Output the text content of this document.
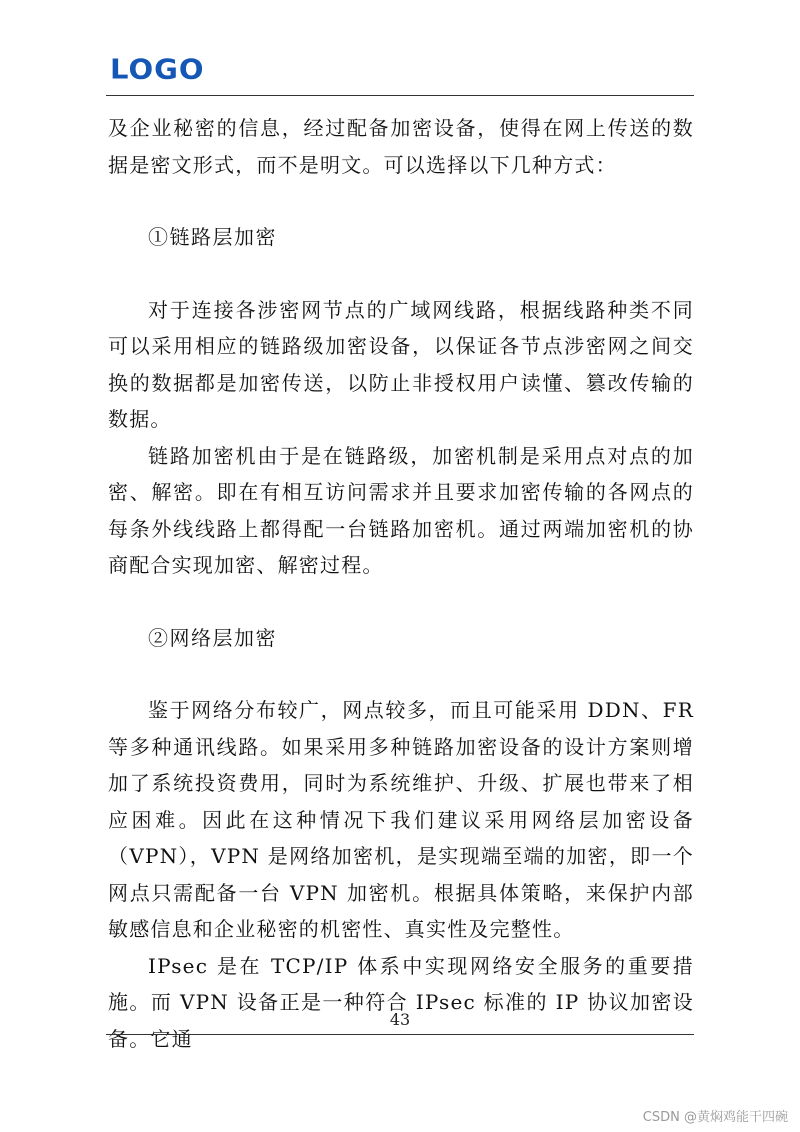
LOGO

及企业秘密的信息，经过配备加密设备，使得在网上传送的数据是密文形式，而不是明文。可以选择以下几种方式：

①链路层加密

对于连接各涉密网节点的广域网线路，根据线路种类不同可以采用相应的链路级加密设备，以保证各节点涉密网之间交换的数据都是加密传送，以防止非授权用户读懂、篡改传输的数据。

链路加密机由于是在链路级，加密机制是采用点对点的加密、解密。即在有相互访问需求并且要求加密传输的各网点的每条外线线路上都得配一台链路加密机。通过两端加密机的协商配合实现加密、解密过程。

②网络层加密

鉴于网络分布较广，网点较多，而且可能采用 DDN、FR 等多种通讯线路。如果采用多种链路加密设备的设计方案则增加了系统投资费用，同时为系统维护、升级、扩展也带来了相应困难。因此在这种情况下我们建议采用网络层加密设备（VPN），VPN 是网络加密机，是实现端至端的加密，即一个网点只需配备一台 VPN 加密机。根据具体策略，来保护内部敏感信息和企业秘密的机密性、真实性及完整性。

IPsec 是在 TCP/IP 体系中实现网络安全服务的重要措施。而 VPN 设备正是一种符合 IPsec 标准的 IP 协议加密设备。它通

43
CSDN @黄焖鸡能干四碗
